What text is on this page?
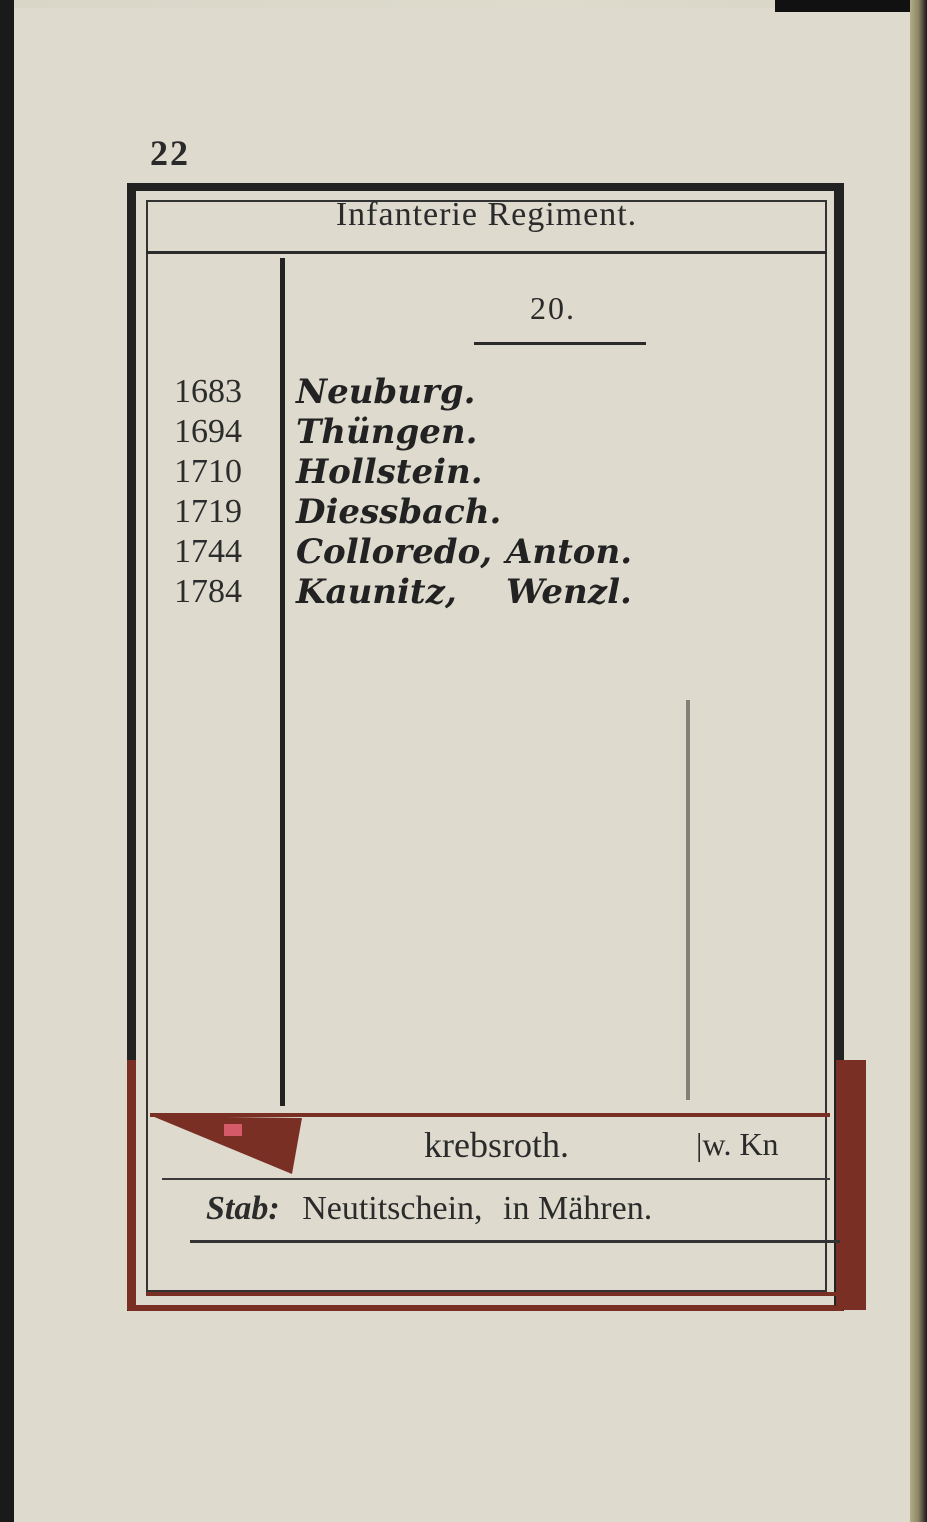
22
Infanterie Regiment.
20.
1683
1694
1710
1719
1744
1784
Neuburg.
Thüngen.
Hollstein.
Diessbach.
Colloredo, Anton.
Kaunitz, Wenzl.
krebsroth.	|w. Kn
Stab: Neutitschein, in Mähren.
